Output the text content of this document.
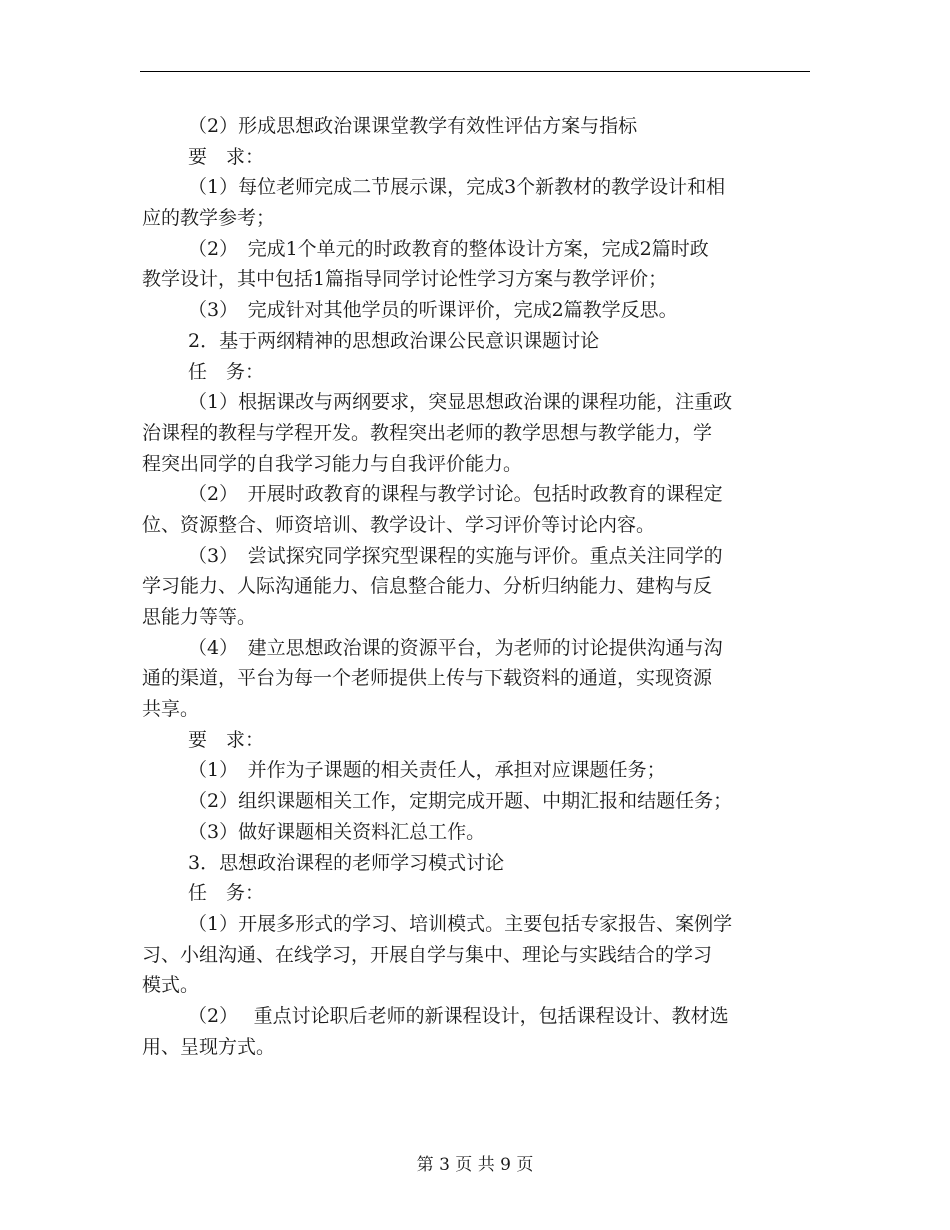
（2）形成思想政治课课堂教学有效性评估方案与指标
要　求：
（1）每位老师完成二节展示课，完成3个新教材的教学设计和相
应的教学参考；
（2）　完成1个单元的时政教育的整体设计方案，完成2篇时政
教学设计，其中包括1篇指导同学讨论性学习方案与教学评价；
（3）　完成针对其他学员的听课评价，完成2篇教学反思。
2．基于两纲精神的思想政治课公民意识课题讨论
任　务：
（1）根据课改与两纲要求，突显思想政治课的课程功能，注重政
治课程的教程与学程开发。教程突出老师的教学思想与教学能力，学
程突出同学的自我学习能力与自我评价能力。
（2）　开展时政教育的课程与教学讨论。包括时政教育的课程定
位、资源整合、师资培训、教学设计、学习评价等讨论内容。
（3）　尝试探究同学探究型课程的实施与评价。重点关注同学的
学习能力、人际沟通能力、信息整合能力、分析归纳能力、建构与反
思能力等等。
（4）　建立思想政治课的资源平台，为老师的讨论提供沟通与沟
通的渠道，平台为每一个老师提供上传与下载资料的通道，实现资源
共享。
要　求：
（1）　并作为子课题的相关责任人，承担对应课题任务；
（2）组织课题相关工作，定期完成开题、中期汇报和结题任务；
（3）做好课题相关资料汇总工作。
3．思想政治课程的老师学习模式讨论
任　务：
（1）开展多形式的学习、培训模式。主要包括专家报告、案例学
习、小组沟通、在线学习，开展自学与集中、理论与实践结合的学习
模式。
（2）　 重点讨论职后老师的新课程设计，包括课程设计、教材选
用、呈现方式。
第 3 页 共 9 页
